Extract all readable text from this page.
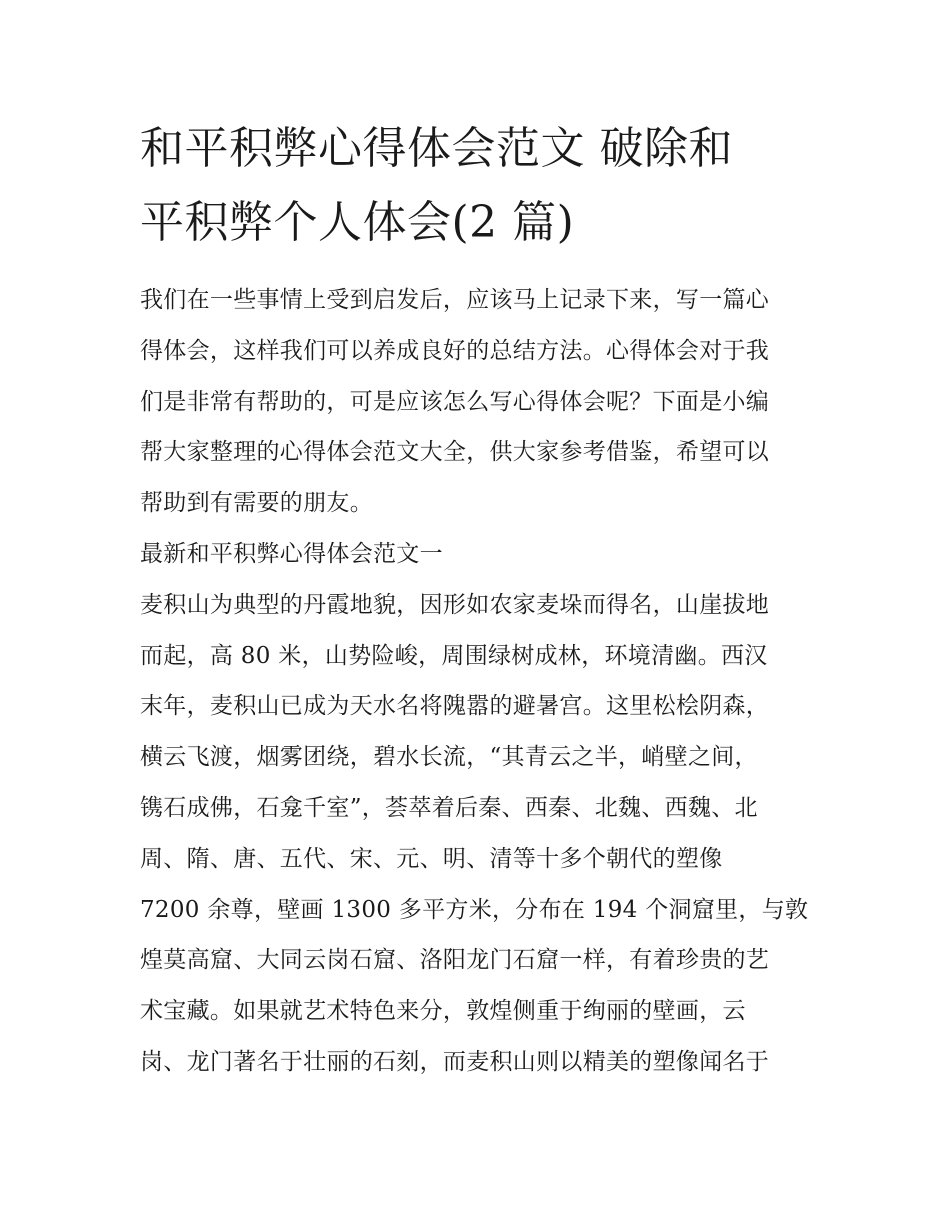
和平积弊心得体会范文 破除和
平积弊个人体会(2 篇)
我们在一些事情上受到启发后，应该马上记录下来，写一篇心
得体会，这样我们可以养成良好的总结方法。心得体会对于我
们是非常有帮助的，可是应该怎么写心得体会呢？下面是小编
帮大家整理的心得体会范文大全，供大家参考借鉴，希望可以
帮助到有需要的朋友。
最新和平积弊心得体会范文一
麦积山为典型的丹霞地貌，因形如农家麦垛而得名，山崖拔地
而起，高 80 米，山势险峻，周围绿树成林，环境清幽。西汉
末年，麦积山已成为天水名将隗嚣的避暑宫。这里松桧阴森，
横云飞渡，烟雾团绕，碧水长流，“其青云之半，峭壁之间，
镌石成佛，石龛千室”，荟萃着后秦、西秦、北魏、西魏、北
周、隋、唐、五代、宋、元、明、清等十多个朝代的塑像
7200 余尊，壁画 1300 多平方米，分布在 194 个洞窟里，与敦
煌莫高窟、大同云岗石窟、洛阳龙门石窟一样，有着珍贵的艺
术宝藏。如果就艺术特色来分，敦煌侧重于绚丽的壁画，云
岗、龙门著名于壮丽的石刻，而麦积山则以精美的塑像闻名于
